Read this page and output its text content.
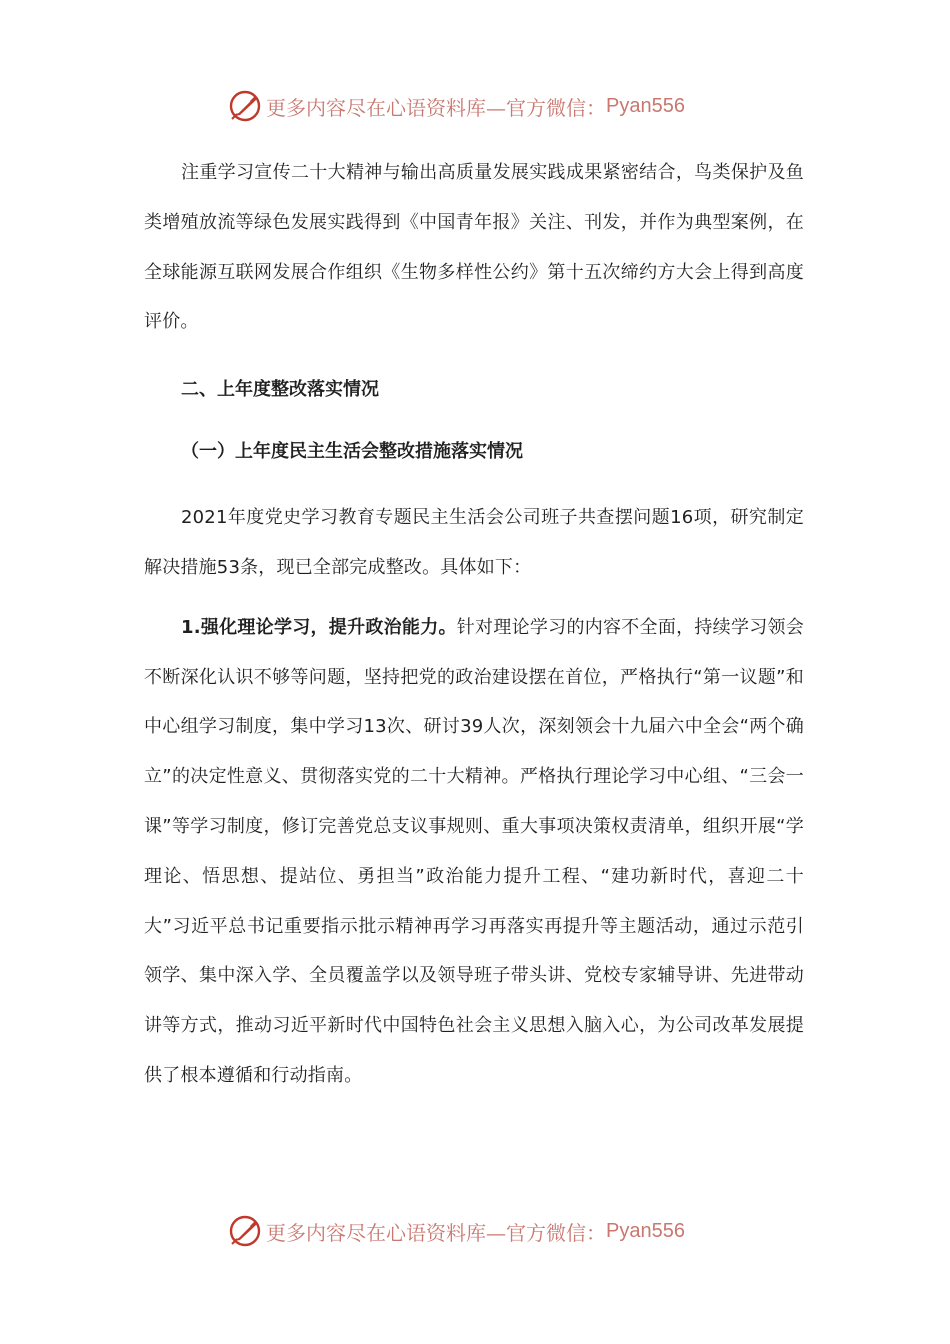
更多内容尽在心语资料库—官方微信： Pyan556

注重学习宣传二十大精神与输出高质量发展实践成果紧密结合，鸟类保护及鱼类增殖放流等绿色发展实践得到《中国青年报》关注、刊发，并作为典型案例，在全球能源互联网发展合作组织《生物多样性公约》第十五次缔约方大会上得到高度评价。

二、上年度整改落实情况

（一）上年度民主生活会整改措施落实情况

2021年度党史学习教育专题民主生活会公司班子共查摆问题16项，研究制定解决措施53条，现已全部完成整改。具体如下：

1.强化理论学习，提升政治能力。针对理论学习的内容不全面，持续学习领会不断深化认识不够等问题，坚持把党的政治建设摆在首位，严格执行“第一议题”和中心组学习制度，集中学习13次、研讨39人次，深刻领会十九届六中全会“两个确立”的决定性意义、贯彻落实党的二十大精神。严格执行理论学习中心组、“三会一课”等学习制度，修订完善党总支议事规则、重大事项决策权责清单，组织开展“学理论、悟思想、提站位、勇担当”政治能力提升工程、“建功新时代，喜迎二十大”习近平总书记重要指示批示精神再学习再落实再提升等主题活动，通过示范引领学、集中深入学、全员覆盖学以及领导班子带头讲、党校专家辅导讲、先进带动讲等方式，推动习近平新时代中国特色社会主义思想入脑入心，为公司改革发展提供了根本遵循和行动指南。

更多内容尽在心语资料库—官方微信： Pyan556
